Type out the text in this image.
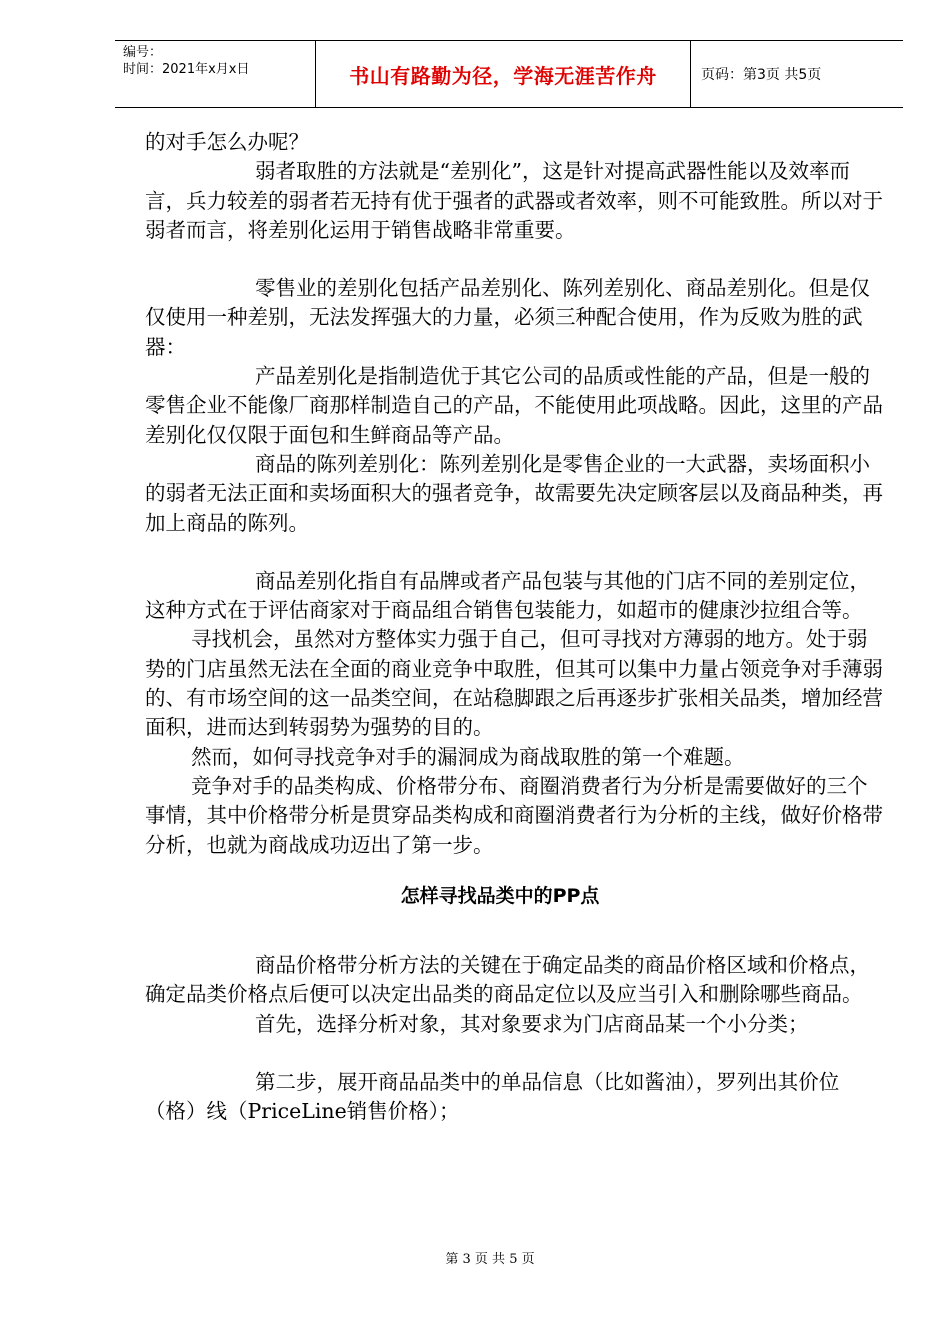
编号：
时间：2021年x月x日	书山有路勤为径，学海无涯苦作舟	页码：第3页 共5页

的对手怎么办呢？

弱者取胜的方法就是“差别化”，这是针对提高武器性能以及效率而言，兵力较差的弱者若无持有优于强者的武器或者效率，则不可能致胜。所以对于弱者而言，将差别化运用于销售战略非常重要。

零售业的差别化包括产品差别化、陈列差别化、商品差别化。但是仅仅使用一种差别，无法发挥强大的力量，必须三种配合使用，作为反败为胜的武器：

产品差别化是指制造优于其它公司的品质或性能的产品，但是一般的零售企业不能像厂商那样制造自己的产品，不能使用此项战略。因此，这里的产品差别化仅仅限于面包和生鲜商品等产品。

商品的陈列差别化：陈列差别化是零售企业的一大武器，卖场面积小的弱者无法正面和卖场面积大的强者竞争，故需要先决定顾客层以及商品种类，再加上商品的陈列。

商品差别化指自有品牌或者产品包装与其他的门店不同的差别定位，这种方式在于评估商家对于商品组合销售包装能力，如超市的健康沙拉组合等。

寻找机会，虽然对方整体实力强于自己，但可寻找对方薄弱的地方。处于弱势的门店虽然无法在全面的商业竞争中取胜，但其可以集中力量占领竞争对手薄弱的、有市场空间的这一品类空间，在站稳脚跟之后再逐步扩张相关品类，增加经营面积，进而达到转弱势为强势的目的。

然而，如何寻找竞争对手的漏洞成为商战取胜的第一个难题。

竞争对手的品类构成、价格带分布、商圈消费者行为分析是需要做好的三个事情，其中价格带分析是贯穿品类构成和商圈消费者行为分析的主线，做好价格带分析，也就为商战成功迈出了第一步。

怎样寻找品类中的PP点

商品价格带分析方法的关键在于确定品类的商品价格区域和价格点，确定品类价格点后便可以决定出品类的商品定位以及应当引入和删除哪些商品。

首先，选择分析对象，其对象要求为门店商品某一个小分类；

第二步，展开商品品类中的单品信息（比如酱油），罗列出其价位（格）线（PriceLine销售价格）；

第 3 页 共 5 页
